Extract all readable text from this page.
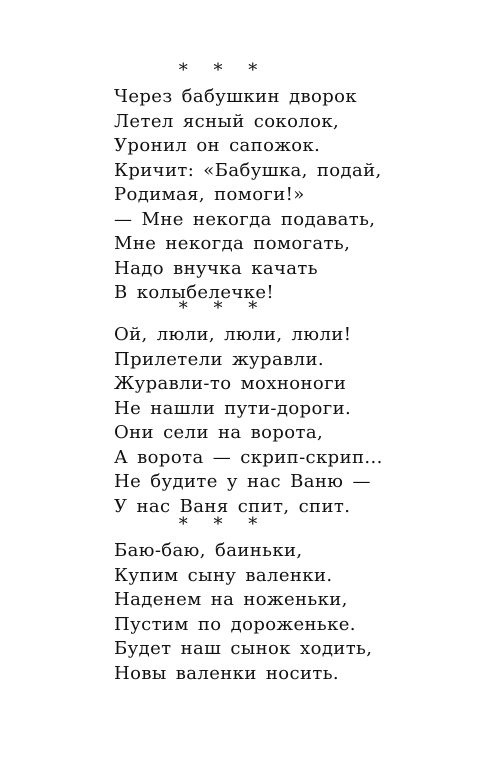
* * *
Через бабушкин дворок
Летел ясный соколок,
Уронил он сапожок.
Кричит: «Бабушка, подай,
Родимая, помоги!»
— Мне некогда подавать,
Мне некогда помогать,
Надо внучка качать
В колыбелечке!
* * *
Ой, люли, люли, люли!
Прилетели журавли.
Журавли-то мохноноги
Не нашли пути-дороги.
Они сели на ворота,
А ворота — скрип-скрип...
Не будите у нас Ваню —
У нас Ваня спит, спит.
* * *
Баю-баю, баиньки,
Купим сыну валенки.
Наденем на ноженьки,
Пустим по дороженьке.
Будет наш сынок ходить,
Новы валенки носить.
